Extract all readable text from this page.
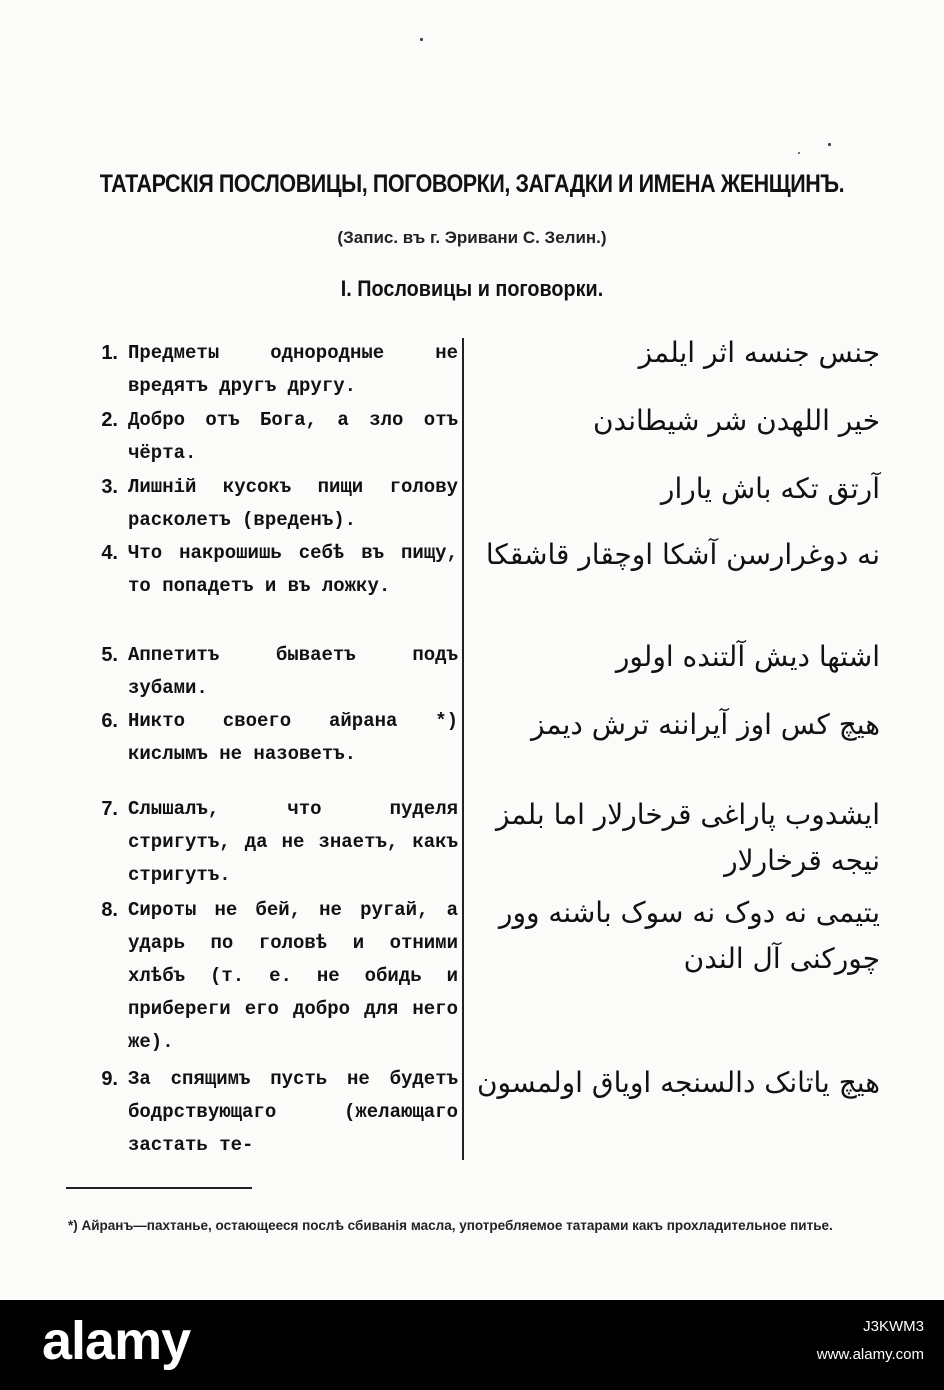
ТАТАРСКІЯ ПОСЛОВИЦЫ, ПОГОВОРКИ, ЗАГАДКИ И ИМЕНА ЖЕНЩИНЪ.
(Запис. въ г. Эривани С. Зелин.)
I. Пословицы и поговорки.
1. Предметы однородные не вредятъ другъ другу.
جنس جنسه اثر ایلمز
2. Добро отъ Бога, а зло отъ чёрта.
خیر اللهدن شر شیطاندن
3. Лишній кусокъ пищи голову расколетъ (вреденъ).
آرتق تکه باش یارار
4. Что накрошишь себѣ въ пищу, то попадетъ и въ ложку.
نه دوغرارسن آشکا اوچقار قاشقکا
5. Аппетитъ бываетъ подъ зубами.
اشتها دیش آلتنده اولور
6. Никто своего айрана *) кислымъ не назоветъ.
هیچ کس اوز آیراننه ترش دیمز
7. Слышалъ, что пуделя стригутъ, да не знаетъ, какъ стригутъ.
ایشدوب پاراغی قرخارلار اما بلمز نیجه قرخارلار
8. Сироты не бей, не ругай, а ударь по головѣ и отними хлѣбъ (т. е. не обидь и прибереги его добро для него же).
یتیمی نه دوک نه سوک باشنه وور چورکنی آل الندن
9. За спящимъ пусть не будетъ бодрствующаго (желающаго застать те-
هیچ یاتانک دالسنجه اویاق اولمسون
*) Айранъ—пахтанье, остающееся послѣ сбиванія масла, употребляемое татарами какъ прохладительное питье.
alamy	J3KWM3
www.alamy.com
